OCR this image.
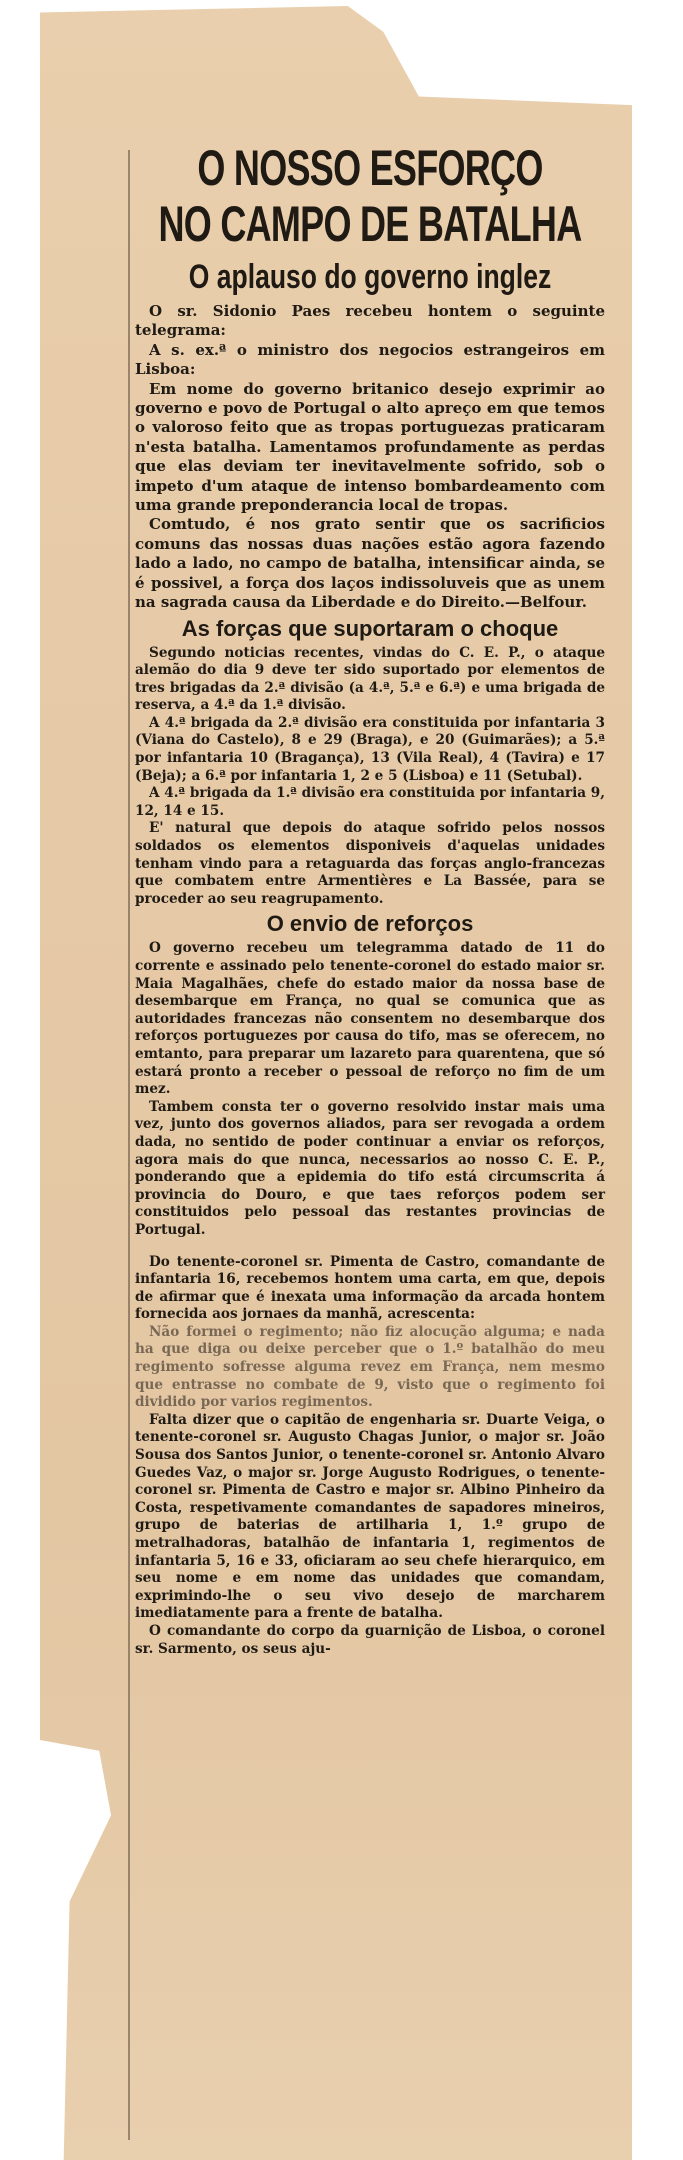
O NOSSO ESFORÇO
NO CAMPO DE BATALHA
O aplauso do governo inglez

O sr. Sidonio Paes recebeu hontem o seguinte telegrama:

A s. ex.ª o ministro dos negocios estrangeiros em Lisboa:

Em nome do governo britanico desejo exprimir ao governo e povo de Portugal o alto apreço em que temos o valoroso feito que as tropas portuguezas praticaram n'esta batalha. Lamentamos profundamente as perdas que elas deviam ter inevitavelmente sofrido, sob o impeto d'um ataque de intenso bombardeamento com uma grande preponderancia local de tropas.

Comtudo, é nos grato sentir que os sacrificios comuns das nossas duas nações estão agora fazendo lado a lado, no campo de batalha, intensificar ainda, se é possivel, a força dos laços indissoluveis que as unem na sagrada causa da Liberdade e do Direito.—Belfour.

As forças que suportaram o choque

Segundo noticias recentes, vindas do C. E. P., o ataque alemão do dia 9 deve ter sido suportado por elementos de tres brigadas da 2.ª divisão (a 4.ª, 5.ª e 6.ª) e uma brigada de reserva, a 4.ª da 1.ª divisão.

A 4.ª brigada da 2.ª divisão era constituida por infantaria 3 (Viana do Castelo), 8 e 29 (Braga), e 20 (Guimarães); a 5.ª por infantaria 10 (Bragança), 13 (Vila Real), 4 (Tavira) e 17 (Beja); a 6.ª por infantaria 1, 2 e 5 (Lisboa) e 11 (Setubal).

A 4.ª brigada da 1.ª divisão era constituida por infantaria 9, 12, 14 e 15.

E' natural que depois do ataque sofrido pelos nossos soldados os elementos disponiveis d'aquelas unidades tenham vindo para a retaguarda das forças anglo-francezas que combatem entre Armentières e La Bassée, para se proceder ao seu reagrupamento.

O envio de reforços

O governo recebeu um telegramma datado de 11 do corrente e assinado pelo tenente-coronel do estado maior sr. Maia Magalhães, chefe do estado maior da nossa base de desembarque em França, no qual se comunica que as autoridades francezas não consentem no desembarque dos reforços portuguezes por causa do tifo, mas se oferecem, no emtanto, para preparar um lazareto para quarentena, que só estará pronto a receber o pessoal de reforço no fim de um mez.

Tambem consta ter o governo resolvido instar mais uma vez, junto dos governos aliados, para ser revogada a ordem dada, no sentido de poder continuar a enviar os reforços, agora mais do que nunca, necessarios ao nosso C. E. P., ponderando que a epidemia do tifo está circumscrita á provincia do Douro, e que taes reforços podem ser constituidos pelo pessoal das restantes provincias de Portugal.

Do tenente-coronel sr. Pimenta de Castro, comandante de infantaria 16, recebemos hontem uma carta, em que, depois de afirmar que é inexata uma informação da arcada hontem fornecida aos jornaes da manhã, acrescenta:

Não formei o regimento; não fiz alocução alguma; e nada ha que diga ou deixe perceber que o 1.º batalhão do meu regimento sofresse alguma revez em França, nem mesmo que entrasse no combate de 9, visto que o regimento foi dividido por varios regimentos.

Falta dizer que o capitão de engenharia sr. Duarte Veiga, o tenente-coronel sr. Augusto Chagas Junior, o major sr. João Sousa dos Santos Junior, o tenente-coronel sr. Antonio Alvaro Guedes Vaz, o major sr. Jorge Augusto Rodrigues, o tenente-coronel sr. Pimenta de Castro e major sr. Albino Pinheiro da Costa, respetivamente comandantes de sapadores mineiros, grupo de baterias de artilharia 1, 1.º grupo de metralhadoras, batalhão de infantaria 1, regimentos de infantaria 5, 16 e 33, oficiaram ao seu chefe hierarquico, em seu nome e em nome das unidades que comandam, exprimindo-lhe o seu vivo desejo de marcharem imediatamente para a frente de batalha.

O comandante do corpo da guarnição de Lisboa, o coronel sr. Sarmento, os seus aju-
